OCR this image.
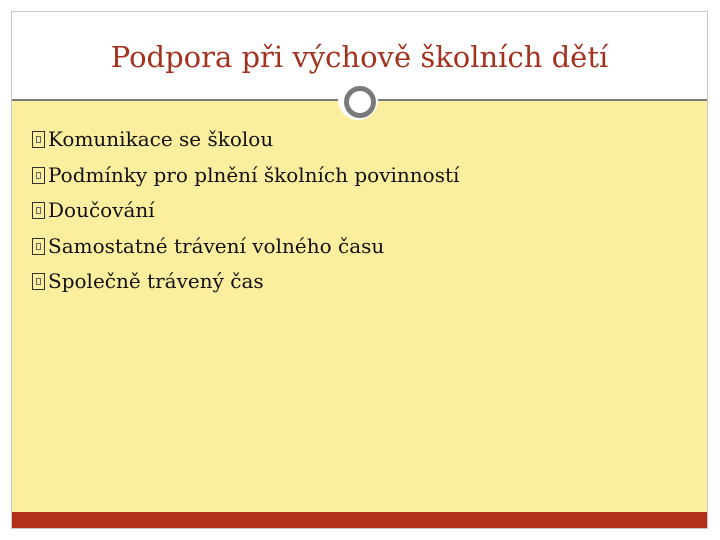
Podpora při výchově školních dětí
Komunikace se školou
Podmínky pro plnění školních povinností
Doučování
Samostatné trávení volného času
Společně trávený čas
